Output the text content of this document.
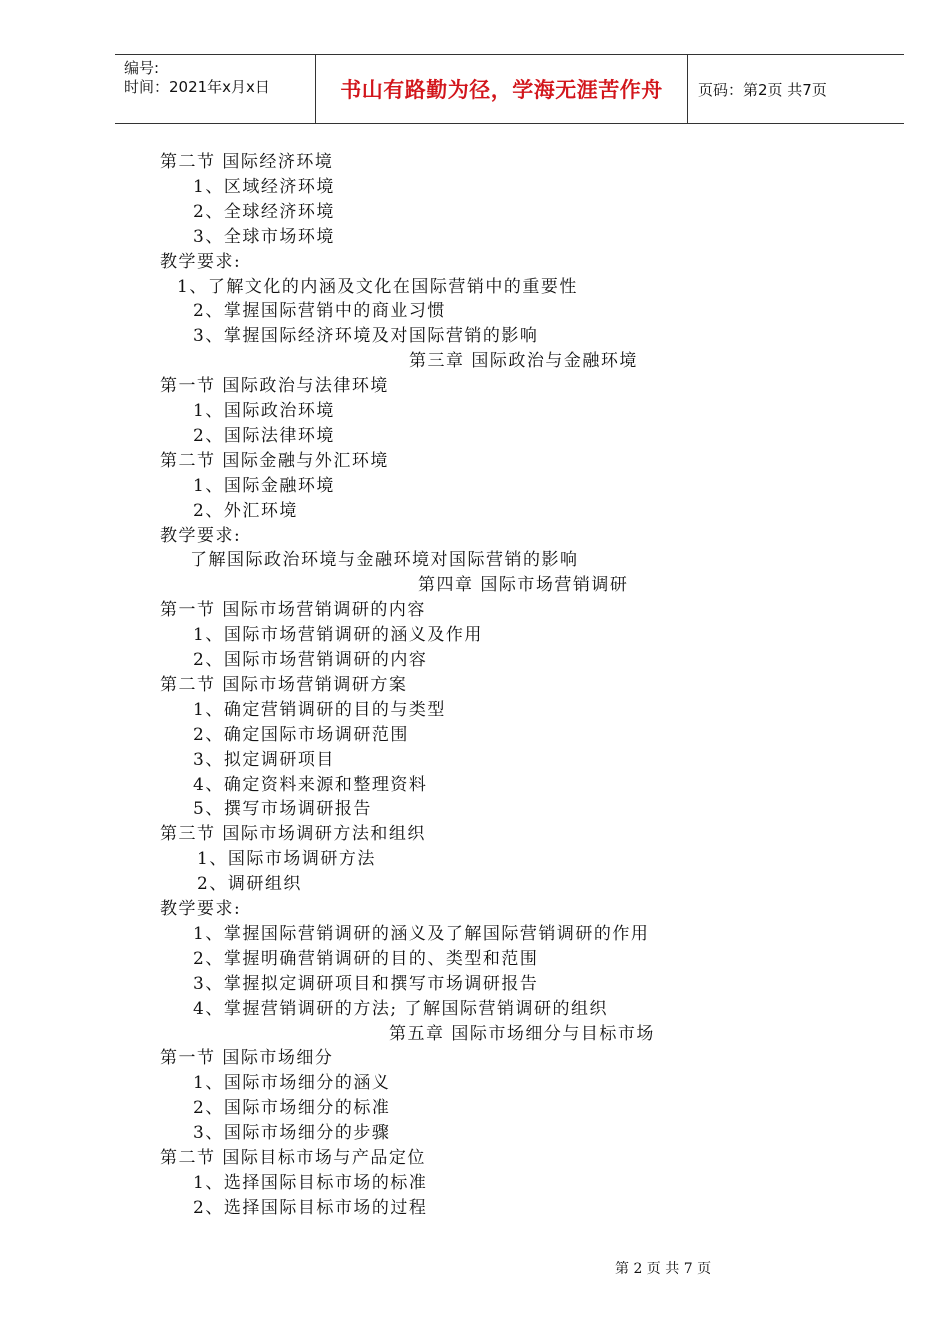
编号:
时间：2021年x月x日	书山有路勤为径，学海无涯苦作舟 页码：第2页 共7页
第二节 国际经济环境
1、区域经济环境
2、全球经济环境
3、全球市场环境
教学要求:
1、了解文化的内涵及文化在国际营销中的重要性
2、掌握国际营销中的商业习惯
3、掌握国际经济环境及对国际营销的影响
第三章 国际政治与金融环境
第一节 国际政治与法律环境
1、国际政治环境
2、国际法律环境
第二节 国际金融与外汇环境
1、国际金融环境
2、外汇环境
教学要求:
了解国际政治环境与金融环境对国际营销的影响
第四章 国际市场营销调研
第一节 国际市场营销调研的内容
1、国际市场营销调研的涵义及作用
2、国际市场营销调研的内容
第二节 国际市场营销调研方案
1、确定营销调研的目的与类型
2、确定国际市场调研范围
3、拟定调研项目
4、确定资料来源和整理资料
5、撰写市场调研报告
第三节 国际市场调研方法和组织
1、国际市场调研方法
2、调研组织
教学要求:
1、掌握国际营销调研的涵义及了解国际营销调研的作用
2、掌握明确营销调研的目的、类型和范围
3、掌握拟定调研项目和撰写市场调研报告
4、掌握营销调研的方法; 了解国际营销调研的组织
第五章 国际市场细分与目标市场
第一节 国际市场细分
1、国际市场细分的涵义
2、国际市场细分的标准
3、国际市场细分的步骤
第二节 国际目标市场与产品定位
1、选择国际目标市场的标准
2、选择国际目标市场的过程
第 2 页 共 7 页
